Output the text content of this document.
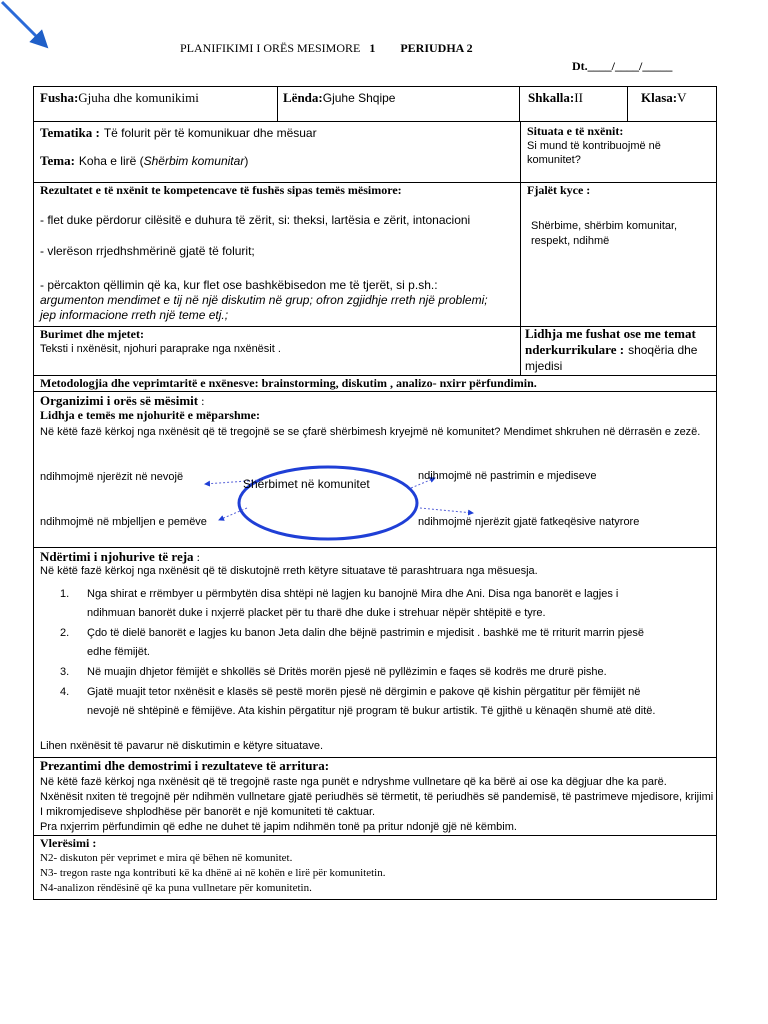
PLANIFIKIMI I ORËS MESIMORE 1 PERIUDHA 2
Dt.____/____/_____
Fusha:Gjuha dhe komunikimi	Lënda:Gjuhe Shqipe	Shkalla:II	Klasa:V
Tematika : Të folurit për të komunikuar dhe mësuar
Tema: Koha e lirë (Shërbim komunitar)
Situata e të nxënit:
Si mund të kontribuojmë në komunitet?
Rezultatet e të nxënit te kompetencave të fushës sipas temës mësimore:
- flet duke përdorur cilësitë e duhura të zërit, si: theksi, lartësia e zërit, intonacioni
- vlerëson rrjedhshmërinë gjatë të folurit;
- përcakton qëllimin që ka, kur flet ose bashkëbisedon me të tjerët, si p.sh.:
argumenton mendimet e tij në një diskutim në grup; ofron zgjidhje rreth një problemi; jep informacione rreth një teme etj.;
Fjalët kyce :
Shërbime, shërbim komunitar, respekt, ndihmë
Burimet dhe mjetet:
Teksti i nxënësit, njohuri paraprake nga nxënësit .
Lidhja me fushat ose me temat nderkurrikulare : shoqëria dhe mjedisi
Metodologjia dhe veprimtaritë e nxënesve: brainstorming, diskutim , analizo- nxirr përfundimin.
Organizimi i orës së mësimit :
Lidhja e temës me njohuritë e mëparshme:
Në këtë fazë kërkoj nga nxënësit që të tregojnë se se çfarë shërbimesh kryejmë në komunitet? Mendimet shkruhen në dërrasën e zezë.
ndihmojmë njerëzit në nevojë	ndihmojmë në pastrimin e mjediseve
Shërbimet në komunitet
ndihmojmë në mbjelljen e pemëve	ndihmojmë njerëzit gjatë fatkeqësive natyrore
Ndërtimi i njohurive të reja :
Në këtë fazë kërkoj nga nxënësit që të diskutojnë rreth këtyre situatave të parashtruara nga mësuesja.
1. Nga shirat e rrëmbyer u përmbytën disa shtëpi në lagjen ku banojnë Mira dhe Ani. Disa nga banorët e lagjes i ndihmuan banorët duke i nxjerrë placket për tu tharë dhe duke i strehuar nëpër shtëpitë e tyre.
2. Çdo të dielë banorët e lagjes ku banon Jeta dalin dhe bëjnë pastrimin e mjedisit . bashkë me të rriturit marrin pjesë edhe fëmijët.
3. Në muajin dhjetor fëmijët e shkollës së Dritës morën pjesë në pyllëzimin e faqes së kodrës me drurë pishe.
4. Gjatë muajit tetor nxënësit e klasës së pestë morën pjesë në dërgimin e pakove që kishin përgatitur për fëmijët në nevojë në shtëpinë e fëmijëve. Ata kishin përgatitur një program të bukur artistik. Të gjithë u kënaqën shumë atë ditë.
Lihen nxënësit të pavarur në diskutimin e këtyre situatave.
Prezantimi dhe demostrimi i rezultateve të arritura:
Në këtë fazë kërkoj nga nxënësit që të tregojnë raste nga punët e ndryshme vullnetare që ka bërë ai ose ka dëgjuar dhe ka parë.
Nxënësit nxiten të tregojnë për ndihmën vullnetare gjatë periudhës së tërmetit, të periudhës së pandemisë, të pastrimeve mjedisore, krijimi I mikromjediseve shplodhëse për banorët e një komuniteti të caktuar.
Pra nxjerrim përfundimin që edhe ne duhet të japim ndihmën tonë pa pritur ndonjë gjë në këmbim.
Vlerësimi :
N2- diskuton për veprimet e mira që bëhen në komunitet.
N3- tregon raste nga kontributi kë ka dhënë ai në kohën e lirë për komunitetin.
N4-analizon rëndësinë që ka puna vullnetare për komunitetin.
